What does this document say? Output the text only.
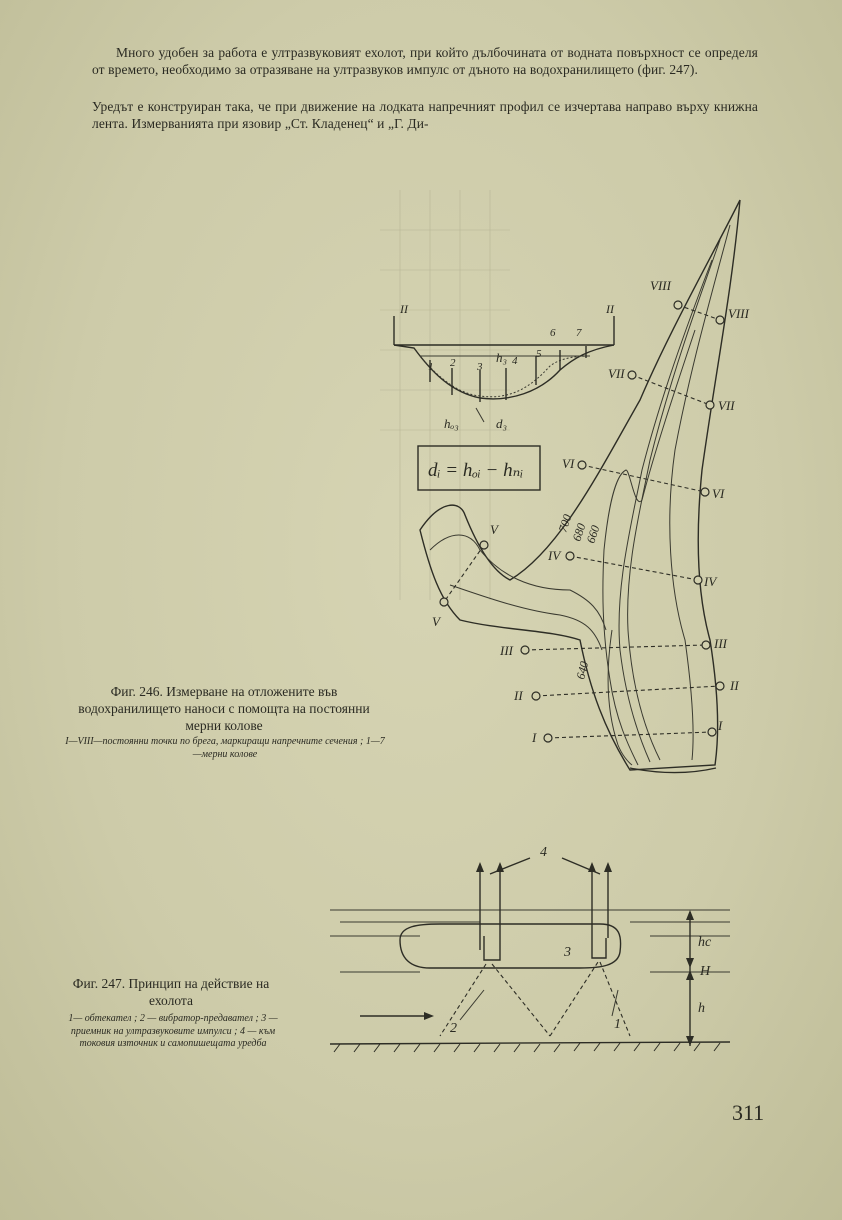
Много удобен за работа е ултразвуковият ехолот, при който дълбочината от водната повърхност се определя от времето, необходимо за отразяване на ултразвуков импулс от дъното на водохранилището (фиг. 247).
Уредът е конструиран така, че при движение на лодката напречният профил се изчертава направо върху книжна лента. Измерванията при язовир „Ст. Кладенец“ и „Г. Ди-
VIII
VIII
VII
VII
VI
VI
IV
IV
V
V
III	III
II
II
I
I
700
680
660
640
II	II
1 2 3	4
5
6 7
h₃
hₒ₃	d₃
dᵢ = hₒᵢ − hₙᵢ
Фиг. 246. Измерване на отложените във водохранилището наноси с помощта на постоянни мерни колове
I—VIII—постоянни точки по брега, маркиращи напречните сечения ; 1—7—мерни колове
4
3
2	1
hc
H
h
Фиг. 247. Принцип на действие на ехолота
1— обтекател ; 2 — вибратор-предавател ; 3 — приемник на ултразвуковите импулси ; 4 — към токовия източник и самопишещата уредба
311
